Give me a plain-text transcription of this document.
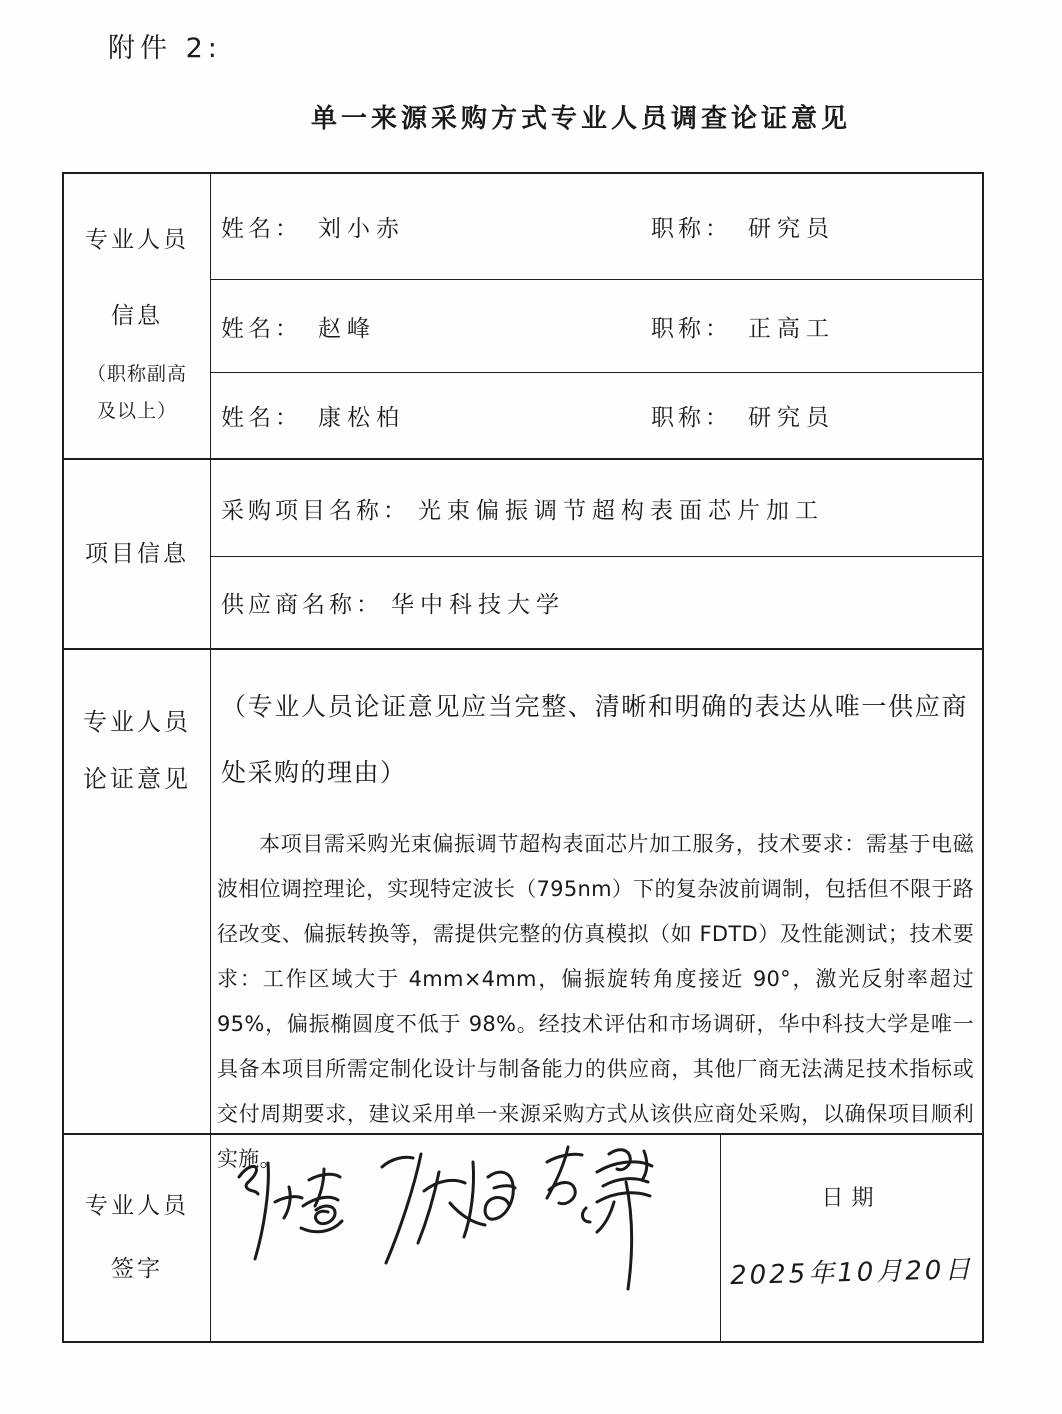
附件 2:
单一来源采购方式专业人员调查论证意见
专业人员
信息
（职称副高
及以上）
姓名： 刘小赤	职称： 研究员
姓名： 赵峰	职称： 正高工
姓名： 康松柏	职称： 研究员
项目信息
采购项目名称： 光束偏振调节超构表面芯片加工
供应商名称： 华中科技大学
专业人员
论证意见
（专业人员论证意见应当完整、清晰和明确的表达从唯一供应商处采购的理由）
本项目需采购光束偏振调节超构表面芯片加工服务，技术要求：需基于电磁波相位调控理论，实现特定波长（795nm）下的复杂波前调制，包括但不限于路径改变、偏振转换等，需提供完整的仿真模拟（如 FDTD）及性能测试；技术要求：工作区域大于 4mm×4mm，偏振旋转角度接近 90°，激光反射率超过 95%，偏振椭圆度不低于 98%。经技术评估和市场调研，华中科技大学是唯一具备本项目所需定制化设计与制备能力的供应商，其他厂商无法满足技术指标或交付周期要求，建议采用单一来源采购方式从该供应商处采购，以确保项目顺利实施。
专业人员
签字
日期
2025年10月20日
